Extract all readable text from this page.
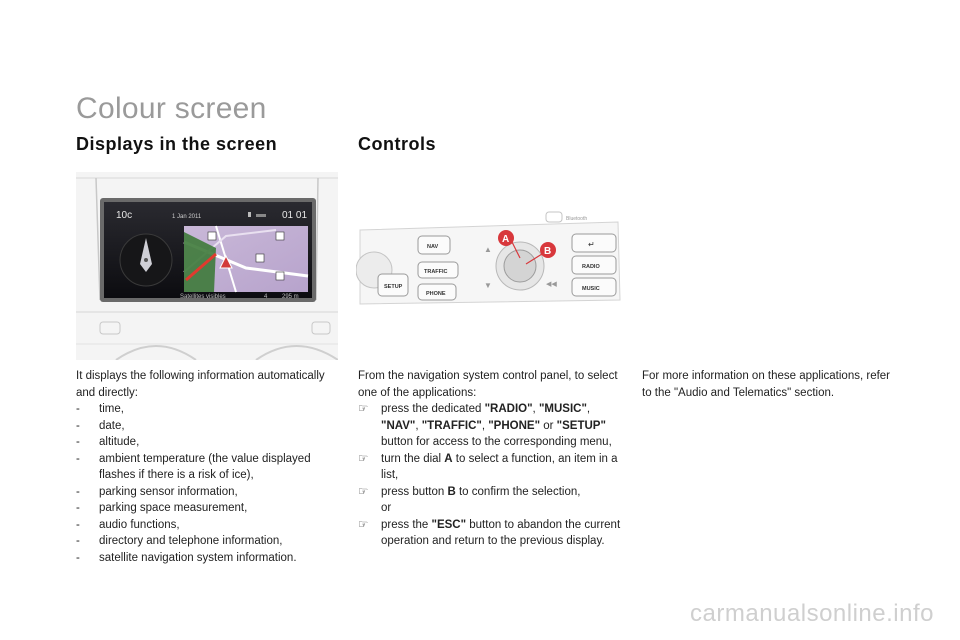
Colour screen
Displays in the screen	Controls
10c	1 Jan 2011	01 01
Satellites visibles	4 295 m
SETUP
NAV
TRAFFIC
PHONE
▲
▼	◀◀
A
B
↵
RADIO
MUSIC
Bluetooth
It displays the following information automatically and directly:
- time,
- date,
- altitude,
- ambient temperature (the value displayed flashes if there is a risk of ice),
- parking sensor information,
- parking space measurement,
- audio functions,
- directory and telephone information,
- satellite navigation system information.
From the navigation system control panel, to select one of the applications:
☞ press the dedicated "RADIO", "MUSIC", "NAV", "TRAFFIC", "PHONE" or "SETUP" button for access to the corresponding menu,
☞ turn the dial A to select a function, an item in a list,
☞ press button B to confirm the selection,
or
☞ press the "ESC" button to abandon the current operation and return to the previous display.
For more information on these applications, refer to the "Audio and Telematics" section.
carmanualsonline.info
